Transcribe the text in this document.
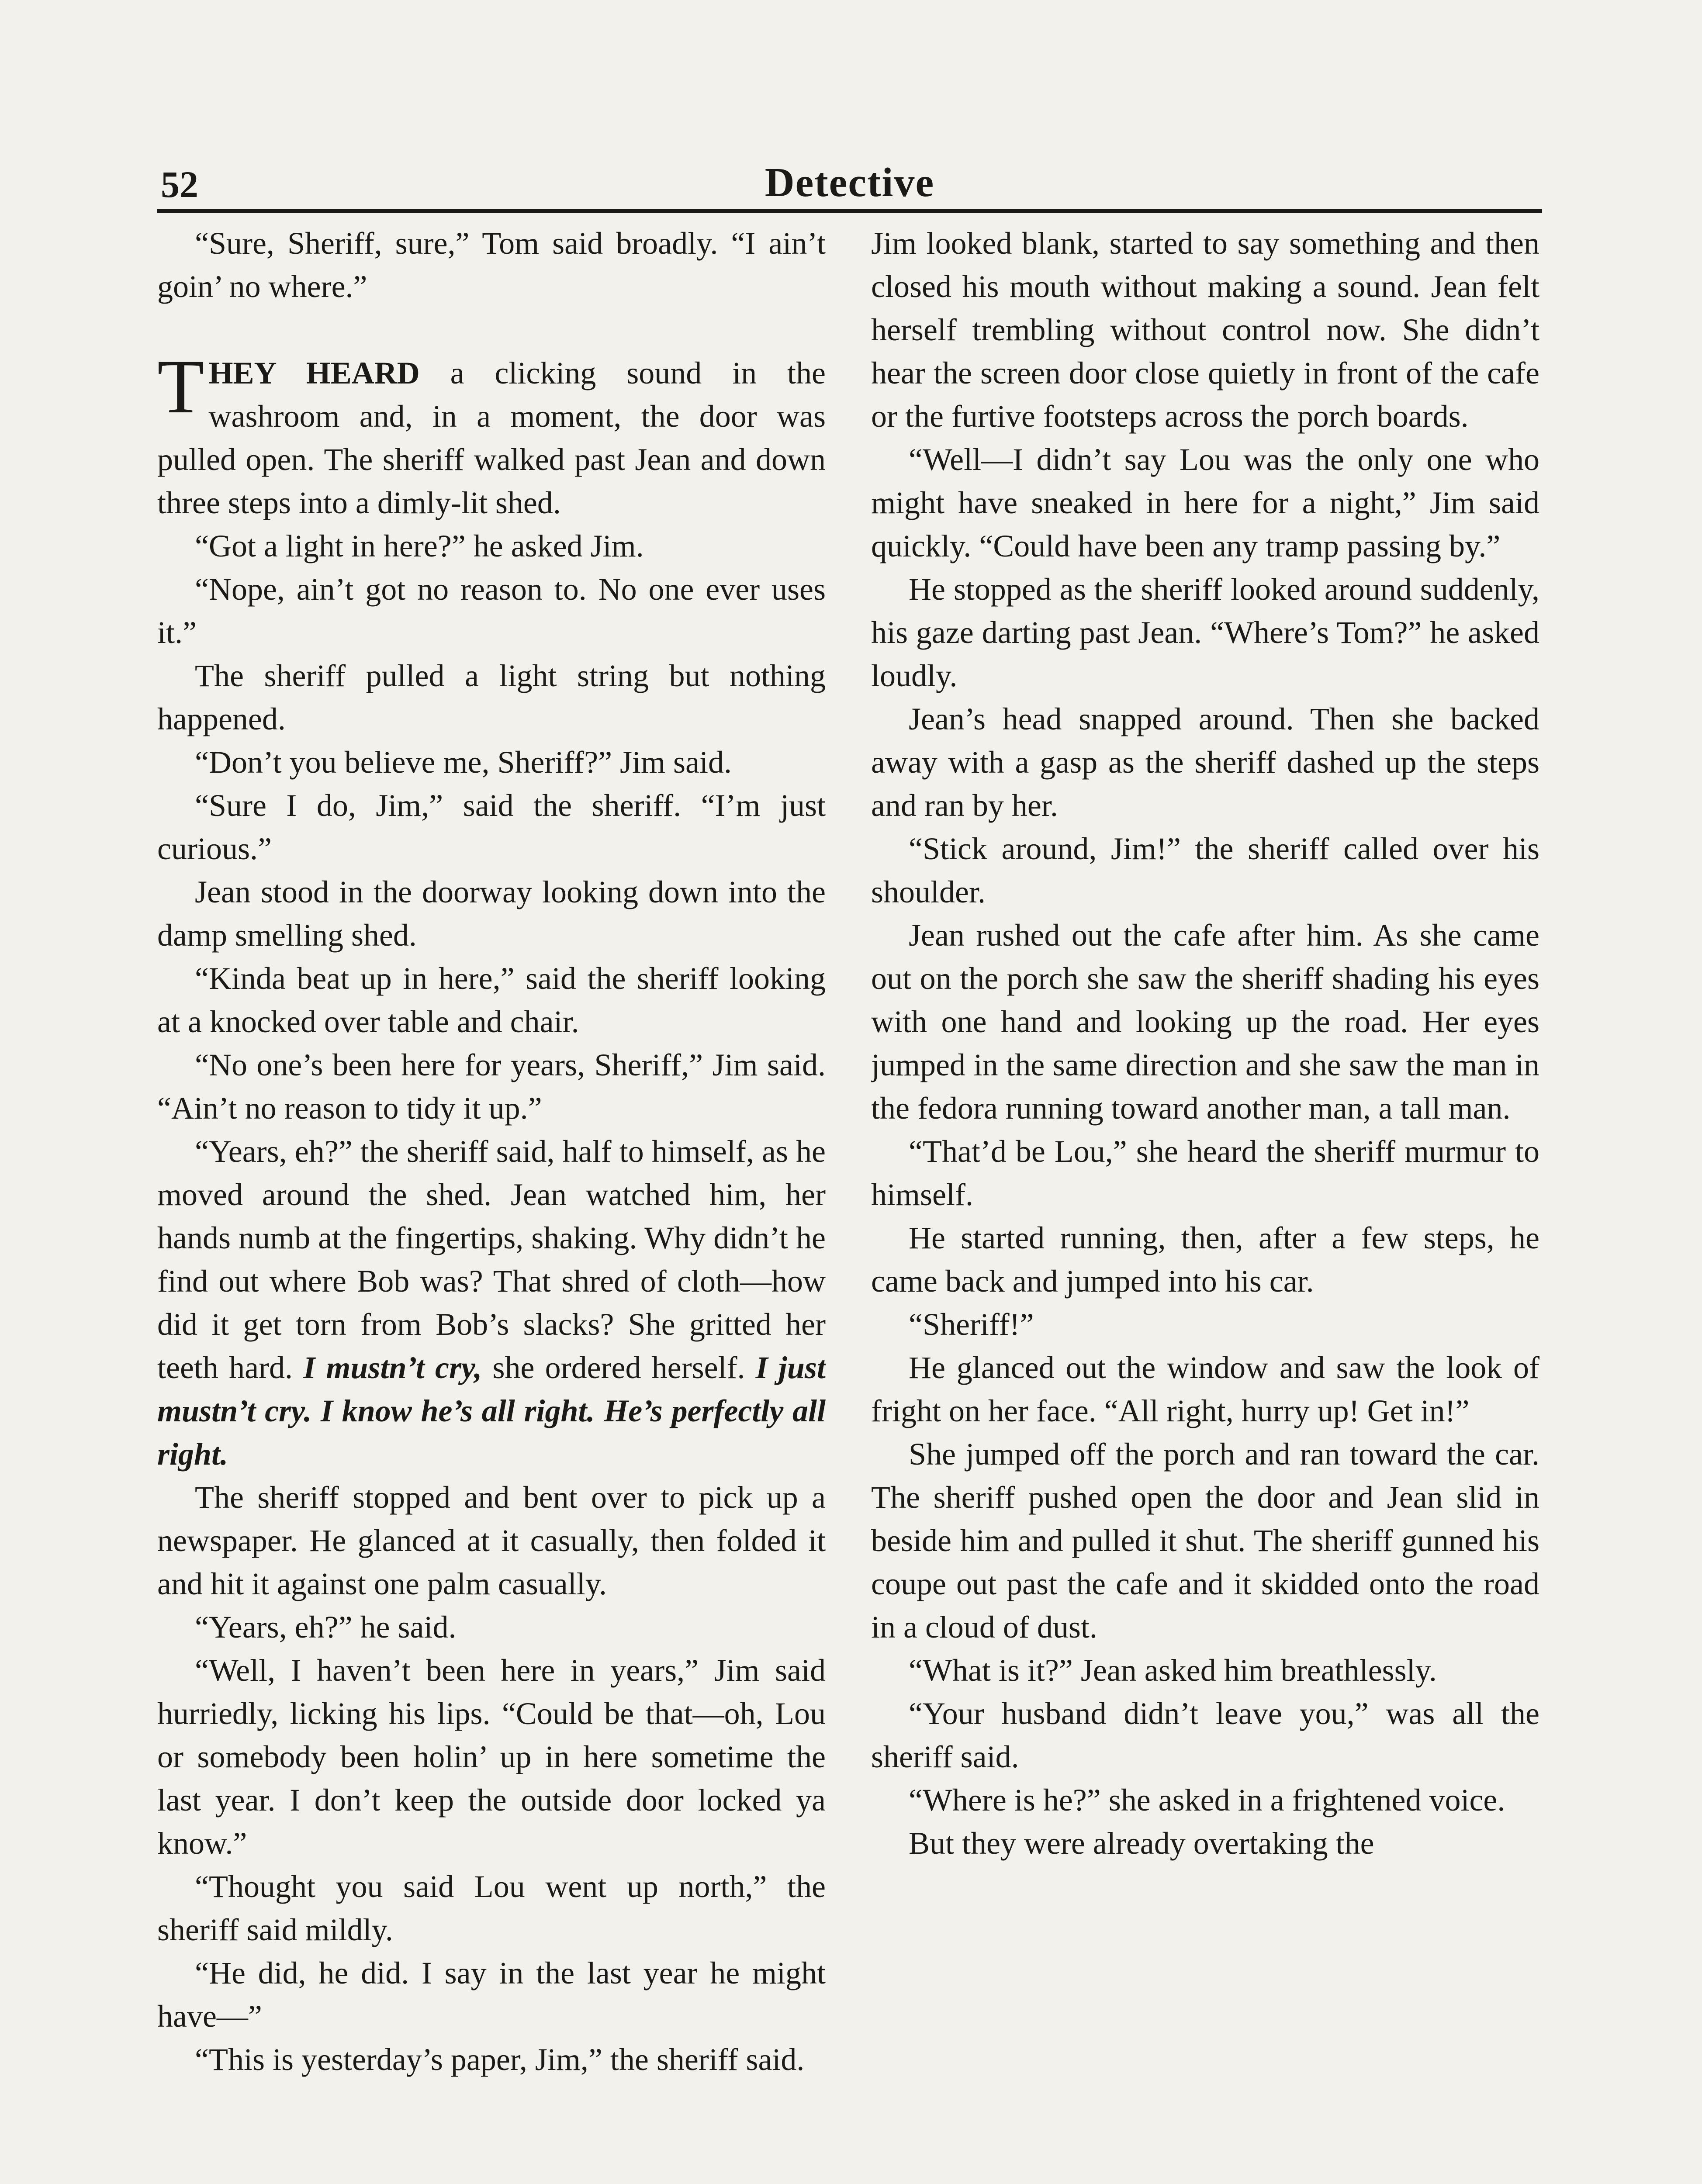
52	Detective

“Sure, Sheriff, sure,” Tom said broadly. “I ain’t goin’ no where.”

THEY HEARD a clicking sound in the washroom and, in a moment, the door was pulled open. The sheriff walked past Jean and down three steps into a dimly-lit shed.

“Got a light in here?” he asked Jim.

“Nope, ain’t got no reason to. No one ever uses it.”

The sheriff pulled a light string but nothing happened.

“Don’t you believe me, Sheriff?” Jim said.

“Sure I do, Jim,” said the sheriff. “I’m just curious.”

Jean stood in the doorway looking down into the damp smelling shed.

“Kinda beat up in here,” said the sheriff looking at a knocked over table and chair.

“No one’s been here for years, Sheriff,” Jim said. “Ain’t no reason to tidy it up.”

“Years, eh?” the sheriff said, half to himself, as he moved around the shed. Jean watched him, her hands numb at the fingertips, shaking. Why didn’t he find out where Bob was? That shred of cloth—how did it get torn from Bob’s slacks? She gritted her teeth hard. I mustn’t cry, she ordered herself. I just mustn’t cry. I know he’s all right. He’s perfectly all right.

The sheriff stopped and bent over to pick up a newspaper. He glanced at it casually, then folded it and hit it against one palm casually.

“Years, eh?” he said.

“Well, I haven’t been here in years,” Jim said hurriedly, licking his lips. “Could be that—oh, Lou or somebody been holin’ up in here sometime the last year. I don’t keep the outside door locked ya know.”

“Thought you said Lou went up north,” the sheriff said mildly.

“He did, he did. I say in the last year he might have—”

“This is yesterday’s paper, Jim,” the sheriff said.

Jim looked blank, started to say something and then closed his mouth without making a sound. Jean felt herself trembling without control now. She didn’t hear the screen door close quietly in front of the cafe or the furtive footsteps across the porch boards.

“Well—I didn’t say Lou was the only one who might have sneaked in here for a night,” Jim said quickly. “Could have been any tramp passing by.”

He stopped as the sheriff looked around suddenly, his gaze darting past Jean. “Where’s Tom?” he asked loudly.

Jean’s head snapped around. Then she backed away with a gasp as the sheriff dashed up the steps and ran by her.

“Stick around, Jim!” the sheriff called over his shoulder.

Jean rushed out the cafe after him. As she came out on the porch she saw the sheriff shading his eyes with one hand and looking up the road. Her eyes jumped in the same direction and she saw the man in the fedora running toward another man, a tall man.

“That’d be Lou,” she heard the sheriff murmur to himself.

He started running, then, after a few steps, he came back and jumped into his car.

“Sheriff!”

He glanced out the window and saw the look of fright on her face. “All right, hurry up! Get in!”

She jumped off the porch and ran toward the car. The sheriff pushed open the door and Jean slid in beside him and pulled it shut. The sheriff gunned his coupe out past the cafe and it skidded onto the road in a cloud of dust.

“What is it?” Jean asked him breathlessly.

“Your husband didn’t leave you,” was all the sheriff said.

“Where is he?” she asked in a frightened voice.

But they were already overtaking the
